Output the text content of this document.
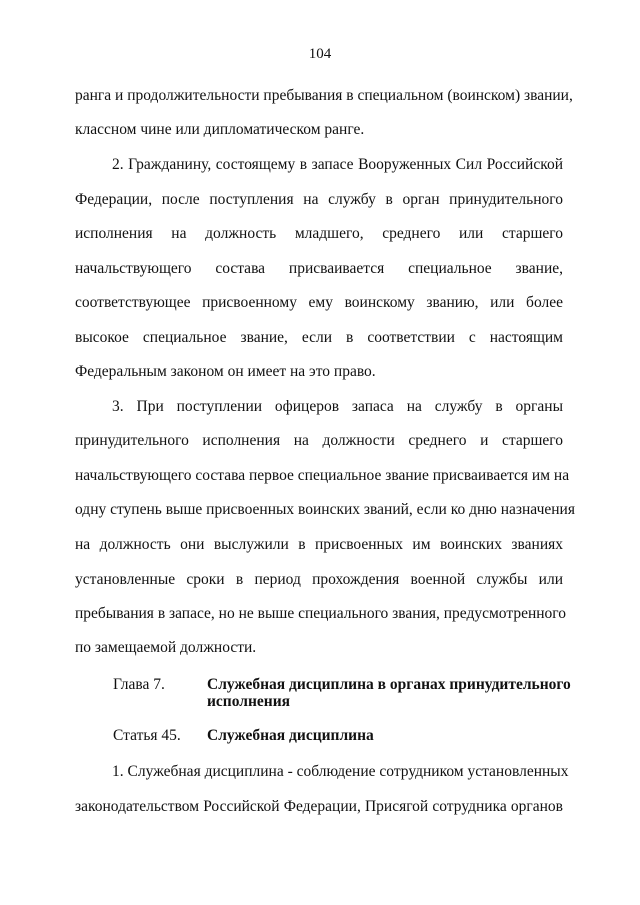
104
ранга и продолжительности пребывания в специальном (воинском) звании,
классном чине или дипломатическом ранге.
2. Гражданину, состоящему в запасе Вооруженных Сил Российской
Федерации, после поступления на службу в орган принудительного
исполнения на должность младшего, среднего или старшего
начальствующего состава присваивается специальное звание,
соответствующее присвоенному ему воинскому званию, или более
высокое специальное звание, если в соответствии с настоящим
Федеральным законом он имеет на это право.
3. При поступлении офицеров запаса на службу в органы
принудительного исполнения на должности среднего и старшего
начальствующего состава первое специальное звание присваивается им на
одну ступень выше присвоенных воинских званий, если ко дню назначения
на должность они выслужили в присвоенных им воинских званиях
установленные сроки в период прохождения военной службы или
пребывания в запасе, но не выше специального звания, предусмотренного
по замещаемой должности.
Глава 7.	Служебная дисциплина в органах принудительного
исполнения
Статья 45. Служебная дисциплина
1. Служебная дисциплина - соблюдение сотрудником установленных
законодательством Российской Федерации, Присягой сотрудника органов
